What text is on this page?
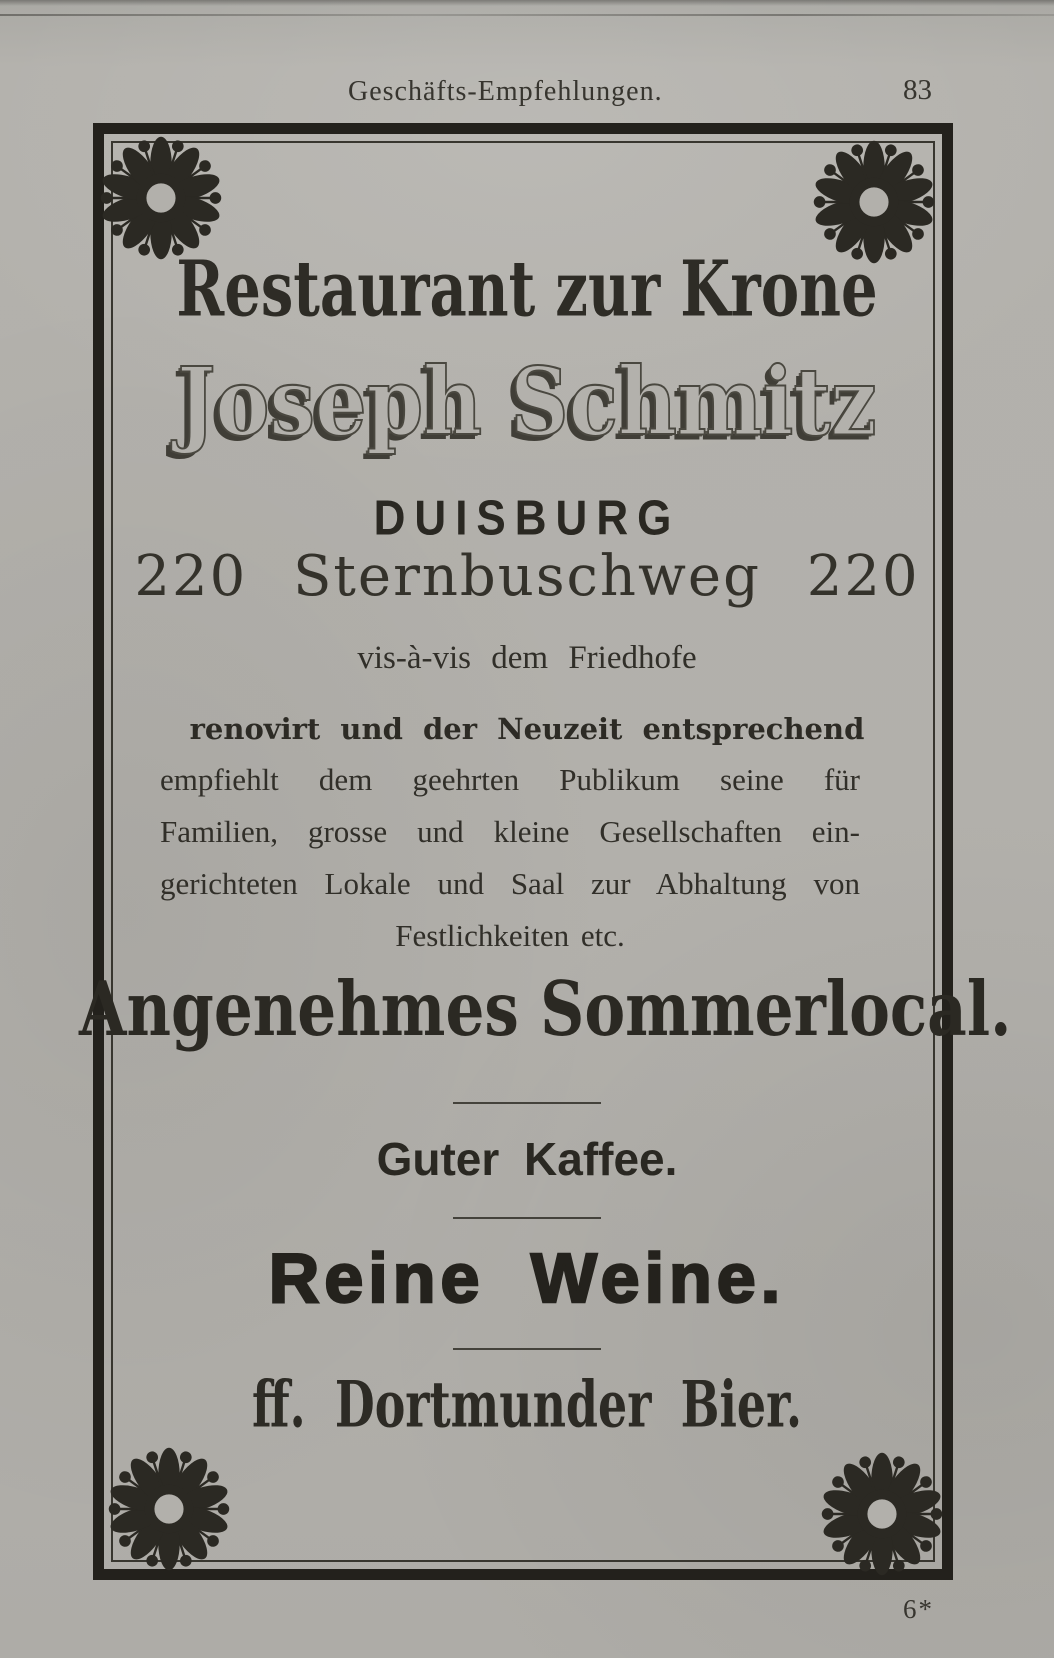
Geschäfts-Empfehlungen.	83
Restaurant zur Krone
Joseph Schmitz
DUISBURG
220 Sternbuschweg 220
vis-à-vis dem Friedhofe
renovirt und der Neuzeit entsprechend
empfiehlt dem geehrten Publikum seine für
Familien, grosse und kleine Gesellschaften ein-
gerichteten Lokale und Saal zur Abhaltung von
Festlichkeiten etc.
Angenehmes Sommerlocal.
Guter Kaffee.
Reine Weine.
ff. Dortmunder Bier.
6*
